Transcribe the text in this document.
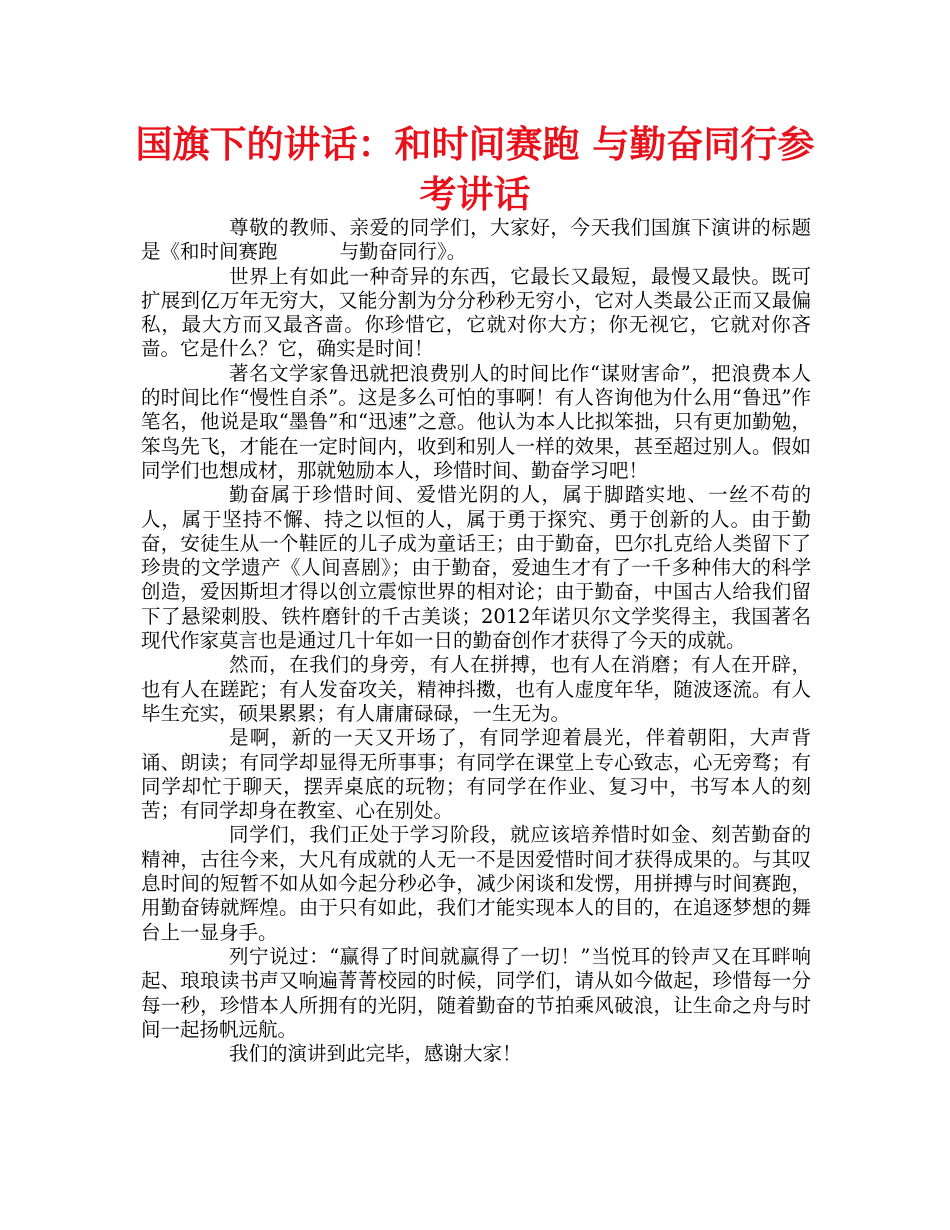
国旗下的讲话：和时间赛跑 与勤奋同行参考讲话

尊敬的教师、亲爱的同学们，大家好，今天我们国旗下演讲的标题是《和时间赛跑	与勤奋同行》。

世界上有如此一种奇异的东西，它最长又最短，最慢又最快。既可扩展到亿万年无穷大，又能分割为分分秒秒无穷小，它对人类最公正而又最偏私，最大方而又最吝啬。你珍惜它，它就对你大方；你无视它，它就对你吝啬。它是什么？它，确实是时间！

著名文学家鲁迅就把浪费别人的时间比作“谋财害命”，把浪费本人的时间比作“慢性自杀”。这是多么可怕的事啊！有人咨询他为什么用“鲁迅”作笔名，他说是取“墨鲁”和“迅速”之意。他认为本人比拟笨拙，只有更加勤勉，笨鸟先飞，才能在一定时间内，收到和别人一样的效果，甚至超过别人。假如同学们也想成材，那就勉励本人，珍惜时间、勤奋学习吧！

勤奋属于珍惜时间、爱惜光阴的人，属于脚踏实地、一丝不苟的人，属于坚持不懈、持之以恒的人，属于勇于探究、勇于创新的人。由于勤奋，安徒生从一个鞋匠的儿子成为童话王；由于勤奋，巴尔扎克给人类留下了珍贵的文学遗产《人间喜剧》；由于勤奋，爱迪生才有了一千多种伟大的科学创造，爱因斯坦才得以创立震惊世界的相对论；由于勤奋，中国古人给我们留下了悬梁刺股、铁杵磨针的千古美谈；2012年诺贝尔文学奖得主，我国著名现代作家莫言也是通过几十年如一日的勤奋创作才获得了今天的成就。

然而，在我们的身旁，有人在拼搏，也有人在消磨；有人在开辟，也有人在蹉跎；有人发奋攻关，精神抖擞，也有人虚度年华，随波逐流。有人毕生充实，硕果累累；有人庸庸碌碌，一生无为。

是啊，新的一天又开场了，有同学迎着晨光，伴着朝阳，大声背诵、朗读；有同学却显得无所事事；有同学在课堂上专心致志，心无旁骛；有同学却忙于聊天，摆弄桌底的玩物；有同学在作业、复习中，书写本人的刻苦；有同学却身在教室、心在别处。

同学们，我们正处于学习阶段，就应该培养惜时如金、刻苦勤奋的精神，古往今来，大凡有成就的人无一不是因爱惜时间才获得成果的。与其叹息时间的短暂不如从如今起分秒必争，减少闲谈和发愣，用拼搏与时间赛跑，用勤奋铸就辉煌。由于只有如此，我们才能实现本人的目的，在追逐梦想的舞台上一显身手。

列宁说过：“赢得了时间就赢得了一切！”当悦耳的铃声又在耳畔响起、琅琅读书声又响遍菁菁校园的时候，同学们，请从如今做起，珍惜每一分每一秒，珍惜本人所拥有的光阴，随着勤奋的节拍乘风破浪，让生命之舟与时间一起扬帆远航。

我们的演讲到此完毕，感谢大家！
